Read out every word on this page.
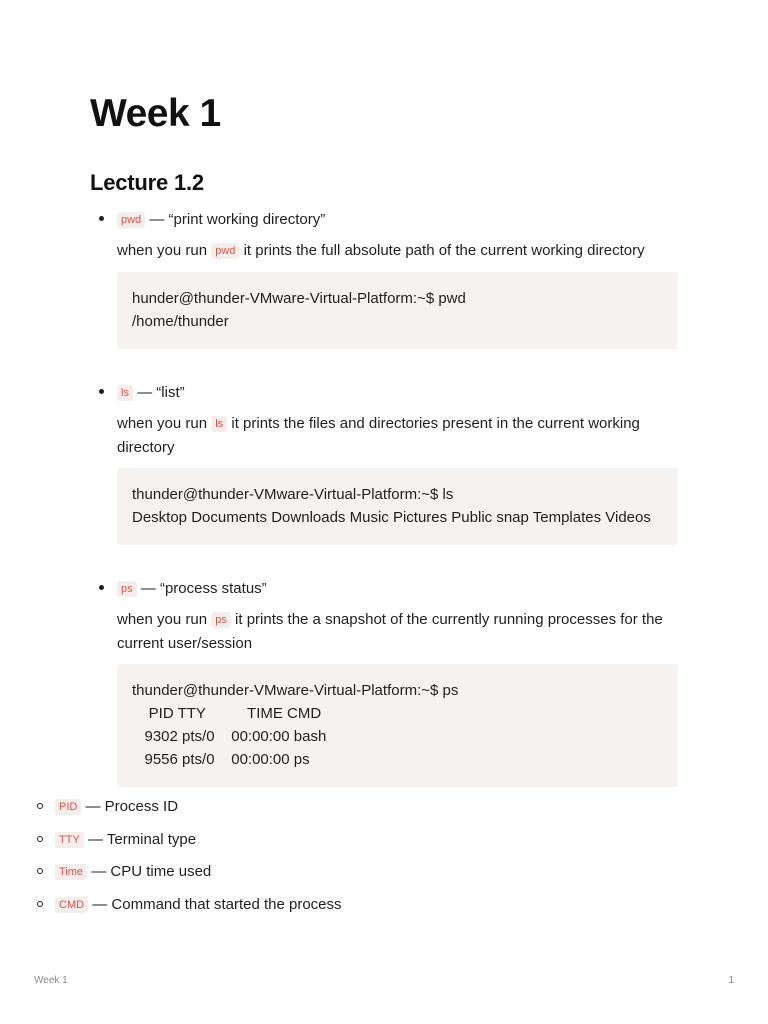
Week 1
Lecture 1.2
pwd — “print working directory”
when you run pwd it prints the full absolute path of the current working directory
hunder@thunder-VMware-Virtual-Platform:~$ pwd
/home/thunder
ls — “list”
when you run ls it prints the files and directories present in the current working directory
thunder@thunder-VMware-Virtual-Platform:~$ ls
Desktop Documents Downloads Music Pictures Public snap Templates Videos
ps — “process status”
when you run ps it prints the a snapshot of the currently running processes for the current user/session
thunder@thunder-VMware-Virtual-Platform:~$ ps
PID TTY          TIME CMD
9302 pts/0    00:00:00 bash
9556 pts/0    00:00:00 ps
PID — Process ID
TTY — Terminal type
Time — CPU time used
CMD — Command that started the process
Week 1	1
